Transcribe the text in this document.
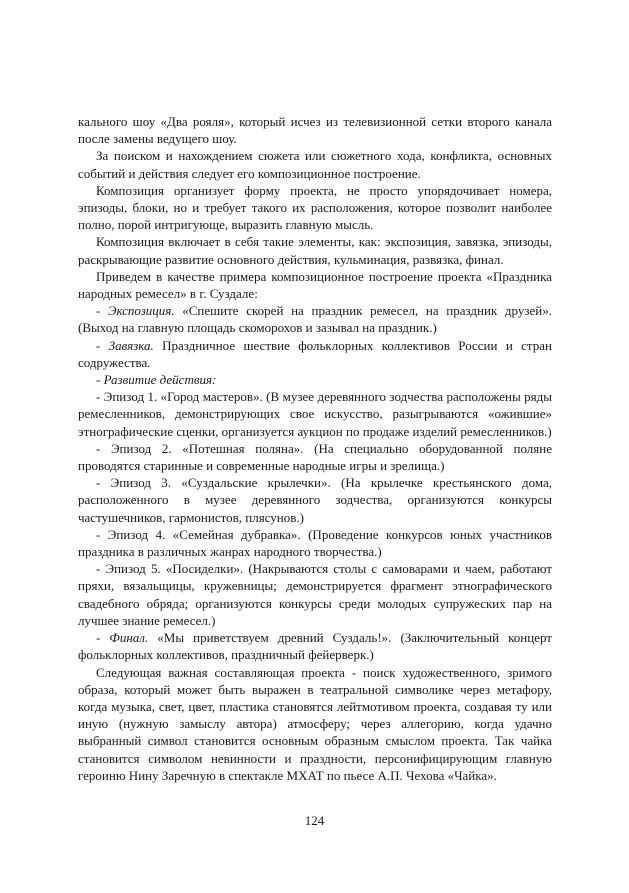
кального шоу «Два рояля», который исчез из телевизионной сетки второго канала после замены ведущего шоу.

За поиском и нахождением сюжета или сюжетного хода, конфликта, основных событий и действия следует его композиционное построение.

Композиция организует форму проекта, не просто упорядочивает номера, эпизоды, блоки, но и требует такого их расположения, которое позволит наиболее полно, порой интригующе, выразить главную мысль.

Композиция включает в себя такие элементы, как: экспозиция, завязка, эпизоды, раскрывающие развитие основного действия, кульминация, развязка, финал.

Приведем в качестве примера композиционное построение проекта «Праздника народных ремесел» в г. Суздале:

- Экспозиция. «Спешите скорей на праздник ремесел, на праздник друзей». (Выход на главную площадь скоморохов и зазывал на праздник.)

- Завязка. Праздничное шествие фольклорных коллективов России и стран содружества.

- Развитие действия:

- Эпизод 1. «Город мастеров». (В музее деревянного зодчества расположены ряды ремесленников, демонстрирующих свое искусство, разыгрываются «ожившие» этнографические сценки, организуется аукцион по продаже изделий ремесленников.)

- Эпизод 2. «Потешная поляна». (На специально оборудованной поляне проводятся старинные и современные народные игры и зрелища.)

- Эпизод 3. «Суздальские крылечки». (На крылечке крестьянского дома, расположенного в музее деревянного зодчества, организуются конкурсы частушечников, гармонистов, плясунов.)

- Эпизод 4. «Семейная дубравка». (Проведение конкурсов юных участников праздника в различных жанрах народного творчества.)

- Эпизод 5. «Посиделки». (Накрываются столы с самоварами и чаем, работают пряхи, вязальщицы, кружевницы; демонстрируется фрагмент этнографического свадебного обряда; организуются конкурсы среди молодых супружеских пар на лучшее знание ремесел.)

- Финал. «Мы приветствуем древний Суздаль!». (Заключительный концерт фольклорных коллективов, праздничный фейерверк.)

Следующая важная составляющая проекта - поиск художественного, зримого образа, который может быть выражен в театральной символике через метафору, когда музыка, свет, цвет, пластика становятся лейтмотивом проекта, создавая ту или иную (нужную замыслу автора) атмосферу; через аллегорию, когда удачно выбранный символ становится основным образным смыслом проекта. Так чайка становится символом невинности и праздности, персонифицирующим главную героиню Нину Заречную в спектакле МХАТ по пьесе А.П. Чехова «Чайка».

124
